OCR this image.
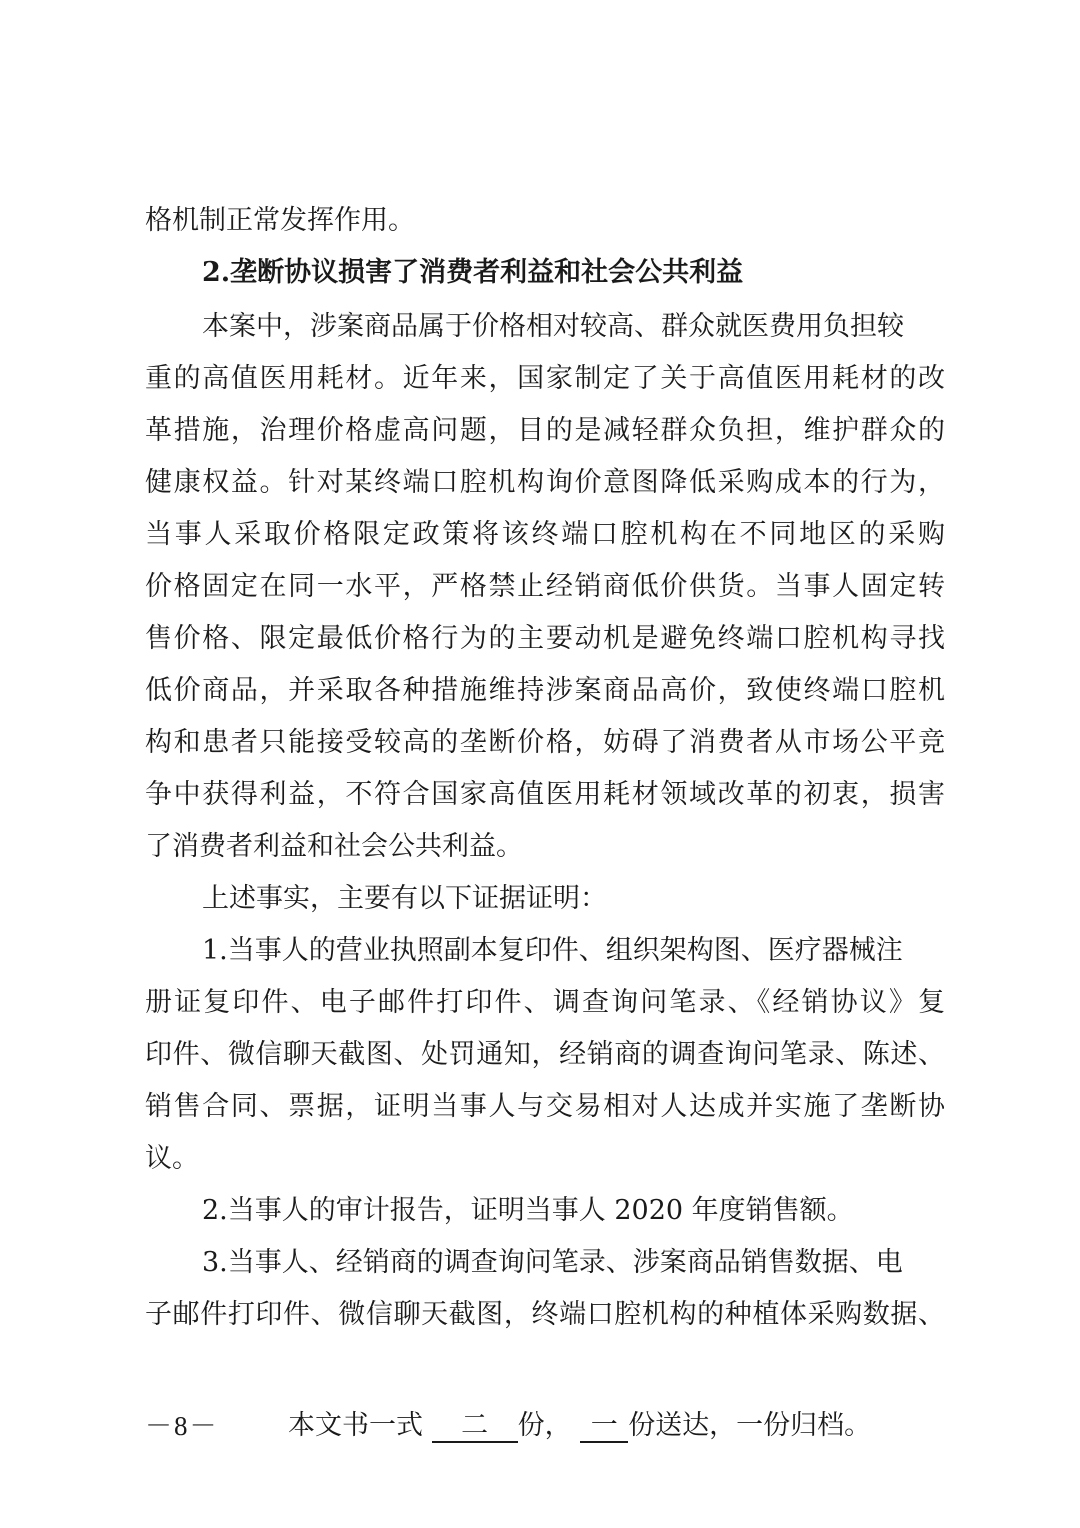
格机制正常发挥作用。
2.垄断协议损害了消费者利益和社会公共利益
本案中，涉案商品属于价格相对较高、群众就医费用负担较
重的高值医用耗材。近年来，国家制定了关于高值医用耗材的改
革措施，治理价格虚高问题，目的是减轻群众负担，维护群众的
健康权益。针对某终端口腔机构询价意图降低采购成本的行为，
当事人采取价格限定政策将该终端口腔机构在不同地区的采购
价格固定在同一水平，严格禁止经销商低价供货。当事人固定转
售价格、限定最低价格行为的主要动机是避免终端口腔机构寻找
低价商品，并采取各种措施维持涉案商品高价，致使终端口腔机
构和患者只能接受较高的垄断价格，妨碍了消费者从市场公平竞
争中获得利益，不符合国家高值医用耗材领域改革的初衷，损害
了消费者利益和社会公共利益。
上述事实，主要有以下证据证明：
1.当事人的营业执照副本复印件、组织架构图、医疗器械注
册证复印件、电子邮件打印件、调查询问笔录、《经销协议》复
印件、微信聊天截图、处罚通知，经销商的调查询问笔录、陈述、
销售合同、票据，证明当事人与交易相对人达成并实施了垄断协
议。
2.当事人的审计报告，证明当事人 2020 年度销售额。
3.当事人、经销商的调查询问笔录、涉案商品销售数据、电
子邮件打印件、微信聊天截图，终端口腔机构的种植体采购数据、
－8－	本文书一式 二 份， 一 份送达，一份归档。
